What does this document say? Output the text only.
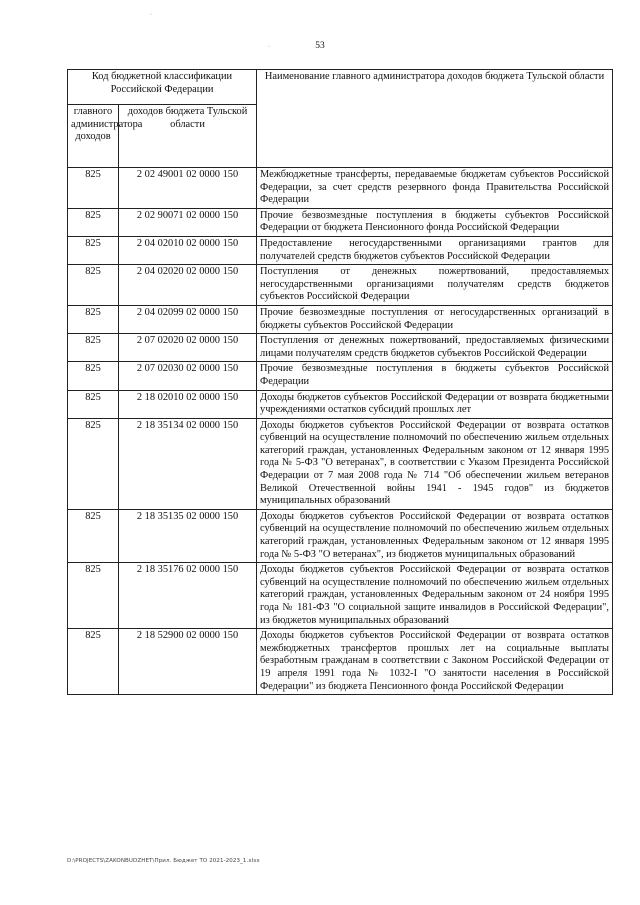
53
·
·
Код бюджетной классификации Российской Федерации		Наименование главного администратора доходов бюджета Тульской области
главного администратора доходов	доходов бюджета Тульской области	
825	2 02 49001 02 0000 150	Межбюджетные трансферты, передаваемые бюджетам субъектов Российской Федерации, за счет средств резервного фонда Правительства Российской Федерации
825	2 02 90071 02 0000 150	Прочие безвозмездные поступления в бюджеты субъектов Российской Федерации от бюджета Пенсионного фонда Российской Федерации
825	2 04 02010 02 0000 150	Предоставление негосударственными организациями грантов для получателей средств бюджетов субъектов Российской Федерации
825	2 04 02020 02 0000 150	Поступления от денежных пожертвований, предоставляемых негосударственными организациями получателям средств бюджетов субъектов Российской Федерации
825	2 04 02099 02 0000 150	Прочие безвозмездные поступления от негосударственных организаций в бюджеты субъектов Российской Федерации
825	2 07 02020 02 0000 150	Поступления от денежных пожертвований, предоставляемых физическими лицами получателям средств бюджетов субъектов Российской Федерации
825	2 07 02030 02 0000 150	Прочие безвозмездные поступления в бюджеты субъектов Российской Федерации
825	2 18 02010 02 0000 150	Доходы бюджетов субъектов Российской Федерации от возврата бюджетными учреждениями остатков субсидий прошлых лет
825	2 18 35134 02 0000 150	Доходы бюджетов субъектов Российской Федерации от возврата остатков субвенций на осуществление полномочий по обеспечению жильем отдельных категорий граждан, установленных Федеральным законом от 12 января 1995 года № 5-ФЗ "О ветеранах", в соответствии с Указом Президента Российской Федерации от 7 мая 2008 года № 714 "Об обеспечении жильем ветеранов Великой Отечественной войны 1941 - 1945 годов" из бюджетов муниципальных образований
825	2 18 35135 02 0000 150	Доходы бюджетов субъектов Российской Федерации от возврата остатков субвенций на осуществление полномочий по обеспечению жильем отдельных категорий граждан, установленных Федеральным законом от 12 января 1995 года № 5-ФЗ "О ветеранах", из бюджетов муниципальных образований
825	2 18 35176 02 0000 150	Доходы бюджетов субъектов Российской Федерации от возврата остатков субвенций на осуществление полномочий по обеспечению жильем отдельных категорий граждан, установленных Федеральным законом от 24 ноября 1995 года № 181-ФЗ "О социальной защите инвалидов в Российской Федерации", из бюджетов муниципальных образований
825	2 18 52900 02 0000 150	Доходы бюджетов субъектов Российской Федерации от возврата остатков межбюджетных трансфертов прошлых лет на социальные выплаты безработным гражданам в соответствии с Законом Российской Федерации от 19 апреля 1991 года № 1032-I "О занятости населения в Российской Федерации" из бюджета Пенсионного фонда Российской Федерации
D:\PROJECTS\ZAKONBUDZHET\Прил. Бюджет ТО 2021-2023_1.xlsx
